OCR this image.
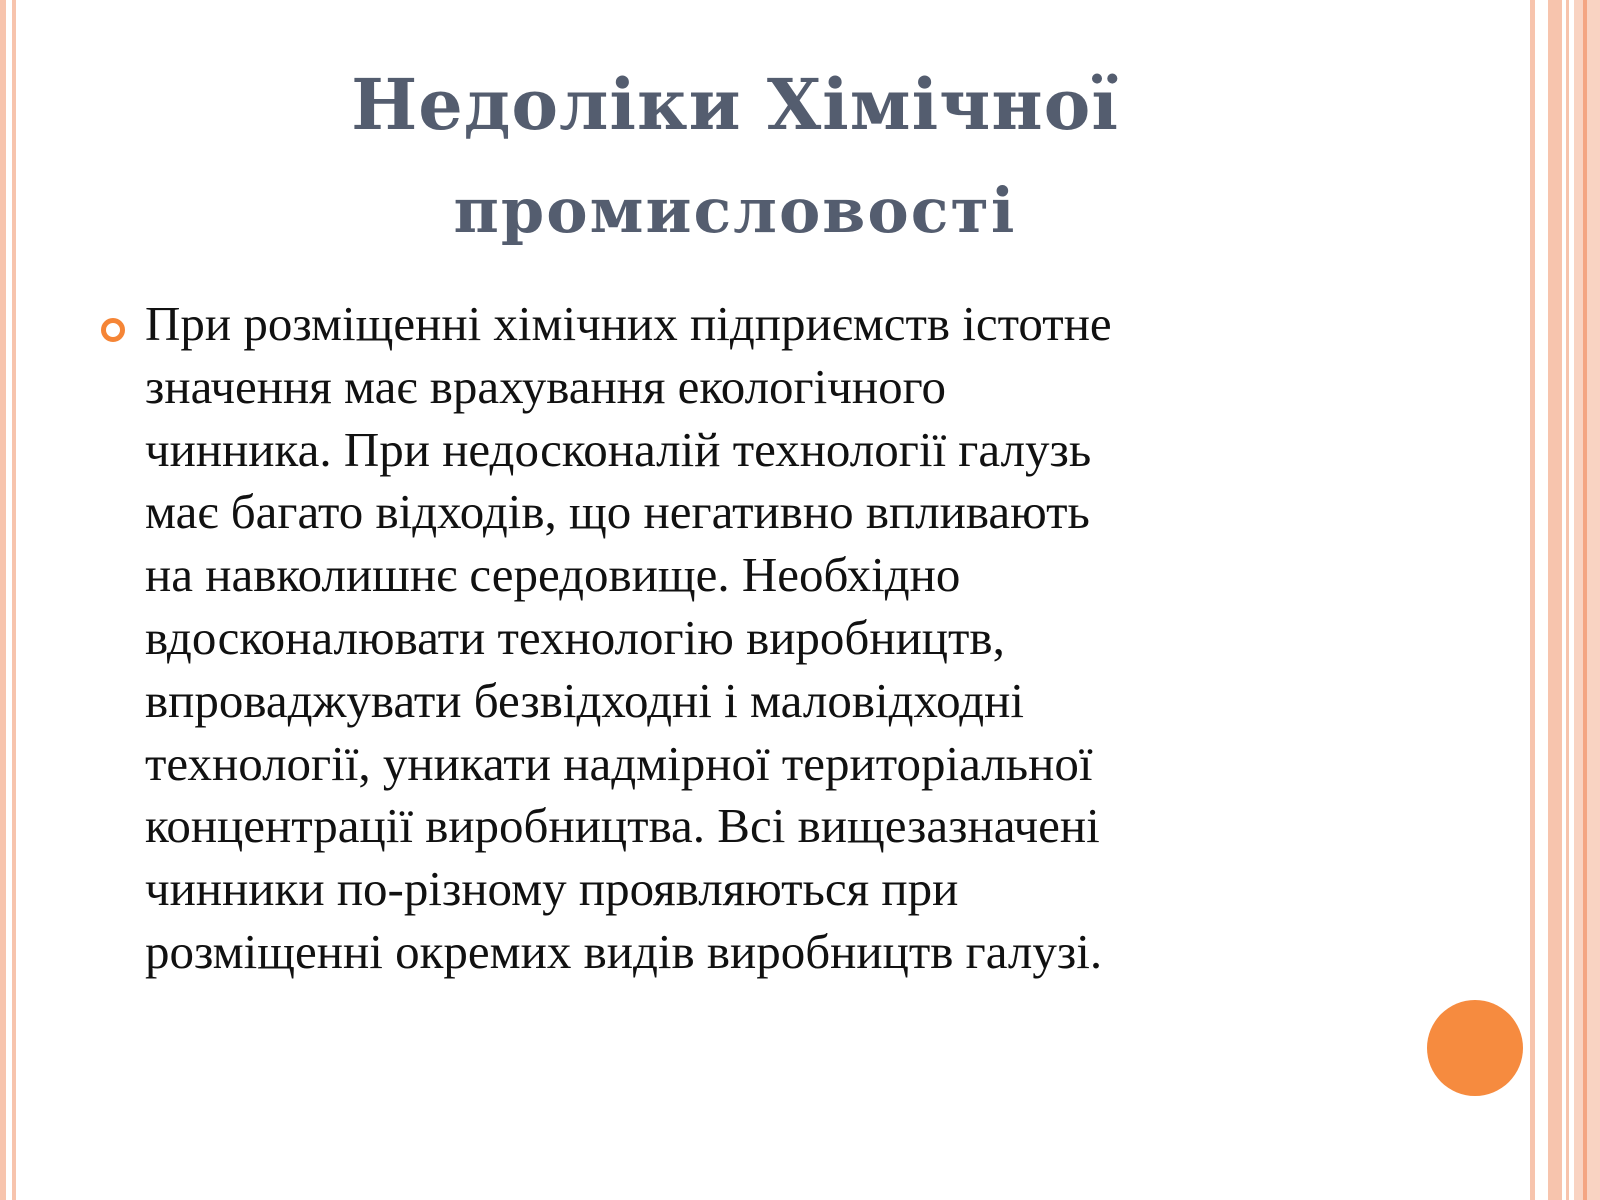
Недоліки Хімічної
промисловості

При розміщенні хімічних підприємств істотне
значення має врахування екологічного
чинника. При недосконалій технології галузь
має багато відходів, що негативно впливають
на навколишнє середовище. Необхідно
вдосконалювати технологію виробництв,
впроваджувати безвідходні і маловідходні
технології, уникати надмірної територіальної
концентрації виробництва. Всі вищезазначені
чинники по-різному проявляються при
розміщенні окремих видів виробництв галузі.
